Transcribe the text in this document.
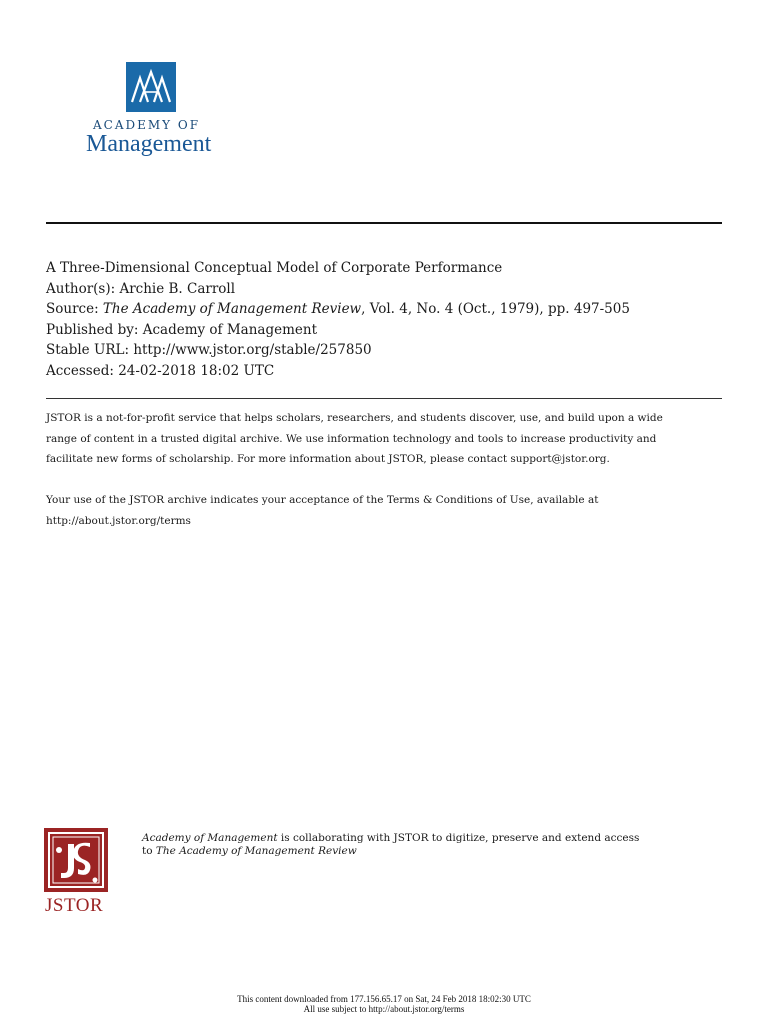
ACADEMY OF
Management
A Three-Dimensional Conceptual Model of Corporate Performance
Author(s): Archie B. Carroll
Source: The Academy of Management Review, Vol. 4, No. 4 (Oct., 1979), pp. 497-505
Published by: Academy of Management
Stable URL: http://www.jstor.org/stable/257850
Accessed: 24-02-2018 18:02 UTC

JSTOR is a not-for-profit service that helps scholars, researchers, and students discover, use, and build upon a wide
range of content in a trusted digital archive. We use information technology and tools to increase productivity and
facilitate new forms of scholarship. For more information about JSTOR, please contact support@jstor.org.

Your use of the JSTOR archive indicates your acceptance of the Terms & Conditions of Use, available at
http://about.jstor.org/terms

JSTOR
Academy of Management is collaborating with JSTOR to digitize, preserve and extend access
to The Academy of Management Review
This content downloaded from 177.156.65.17 on Sat, 24 Feb 2018 18:02:30 UTC
All use subject to http://about.jstor.org/terms
